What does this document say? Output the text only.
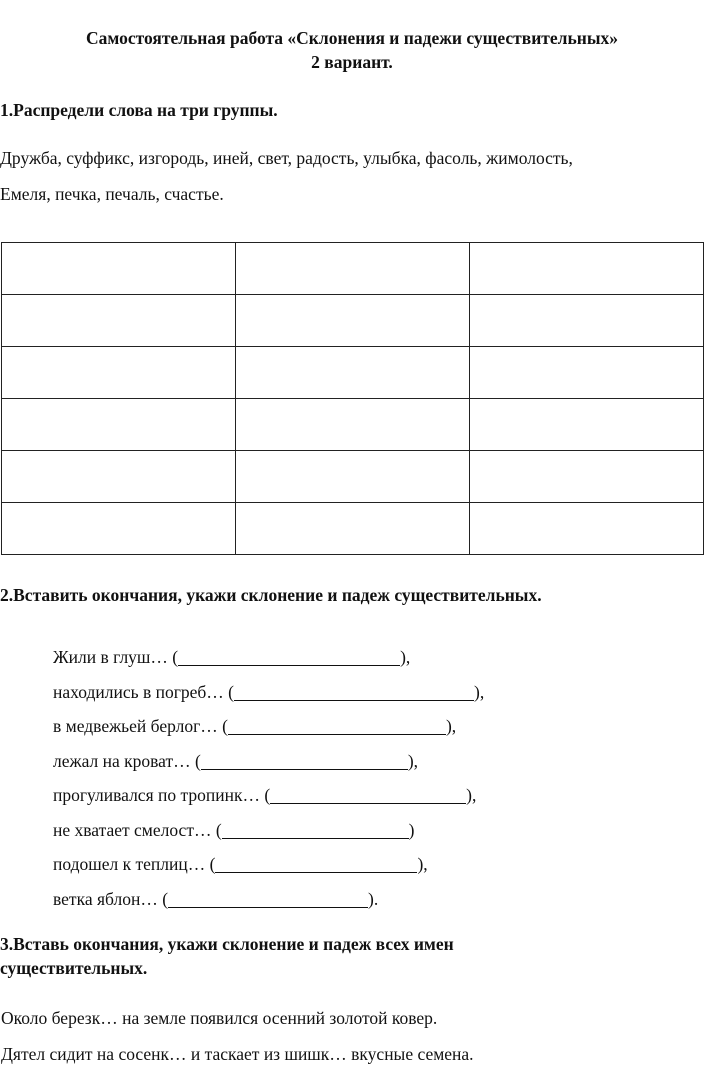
Самостоятельная работа «Склонения и падежи существительных»
2 вариант.
1.Распредели слова на три группы.
Дружба, суффикс, изгородь, иней, свет, радость, улыбка, фасоль, жимолость,
Емеля, печка, печаль, счастье.

2.Вставить окончания, укажи склонение и падеж существительных.
Жили в глуш… (	),
находились в погреб… (	),
в медвежьей берлог… (	),
лежал на крова​т… (	),
прогуливался по тропинк… (	),
не хватает смелост… (	)
подошел к теплиц… (	),
ветка яблон… (	).
3.Вставь окончания, укажи склонение и падеж всех имен
существительных.
Около березк… на земле появился осенний золотой ковер.
Дятел сидит на сосенк… и таскает из шишк… вкусные семена.
